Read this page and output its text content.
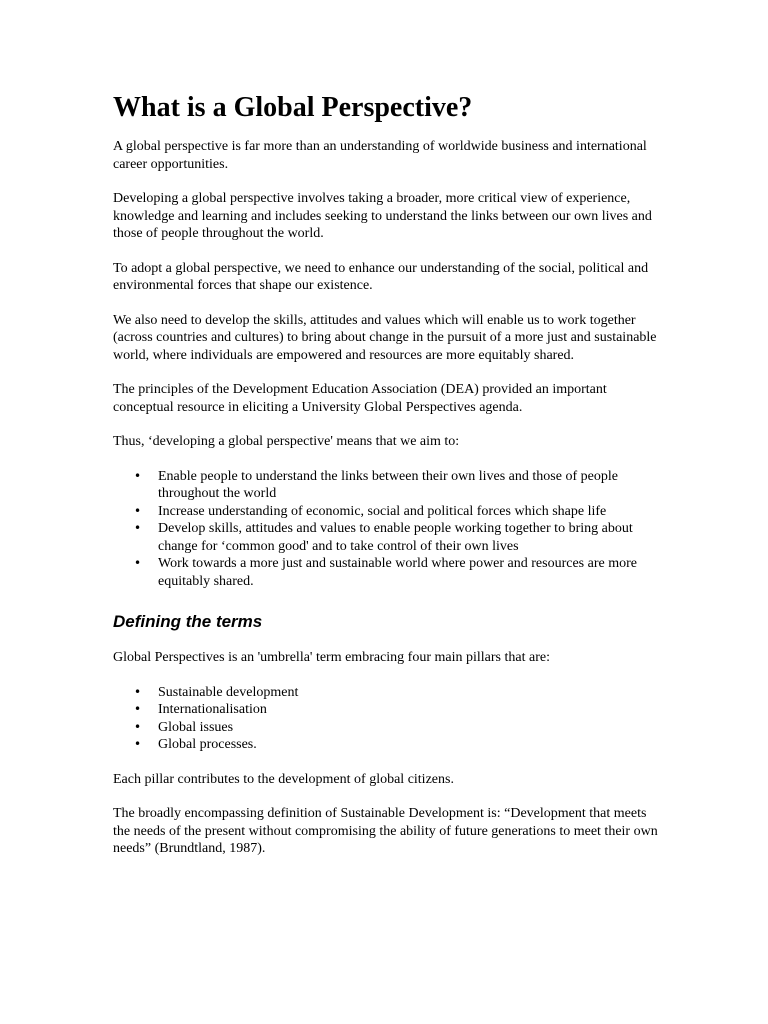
What is a Global Perspective?

A global perspective is far more than an understanding of worldwide business and international career opportunities.

Developing a global perspective involves taking a broader, more critical view of experience, knowledge and learning and includes seeking to understand the links between our own lives and those of people throughout the world.

To adopt a global perspective, we need to enhance our understanding of the social, political and environmental forces that shape our existence.

We also need to develop the skills, attitudes and values which will enable us to work together (across countries and cultures) to bring about change in the pursuit of a more just and sustainable world, where individuals are empowered and resources are more equitably shared.

The principles of the Development Education Association (DEA) provided an important conceptual resource in eliciting a University Global Perspectives agenda.

Thus, ‘developing a global perspective' means that we aim to:

• Enable people to understand the links between their own lives and those of people throughout the world
• Increase understanding of economic, social and political forces which shape life
• Develop skills, attitudes and values to enable people working together to bring about change for ‘common good' and to take control of their own lives
• Work towards a more just and sustainable world where power and resources are more equitably shared.
Defining the terms

Global Perspectives is an 'umbrella' term embracing four main pillars that are:

• Sustainable development
• Internationalisation
• Global issues
• Global processes.

Each pillar contributes to the development of global citizens.

The broadly encompassing definition of Sustainable Development is: “Development that meets the needs of the present without compromising the ability of future generations to meet their own needs” (Brundtland, 1987).
